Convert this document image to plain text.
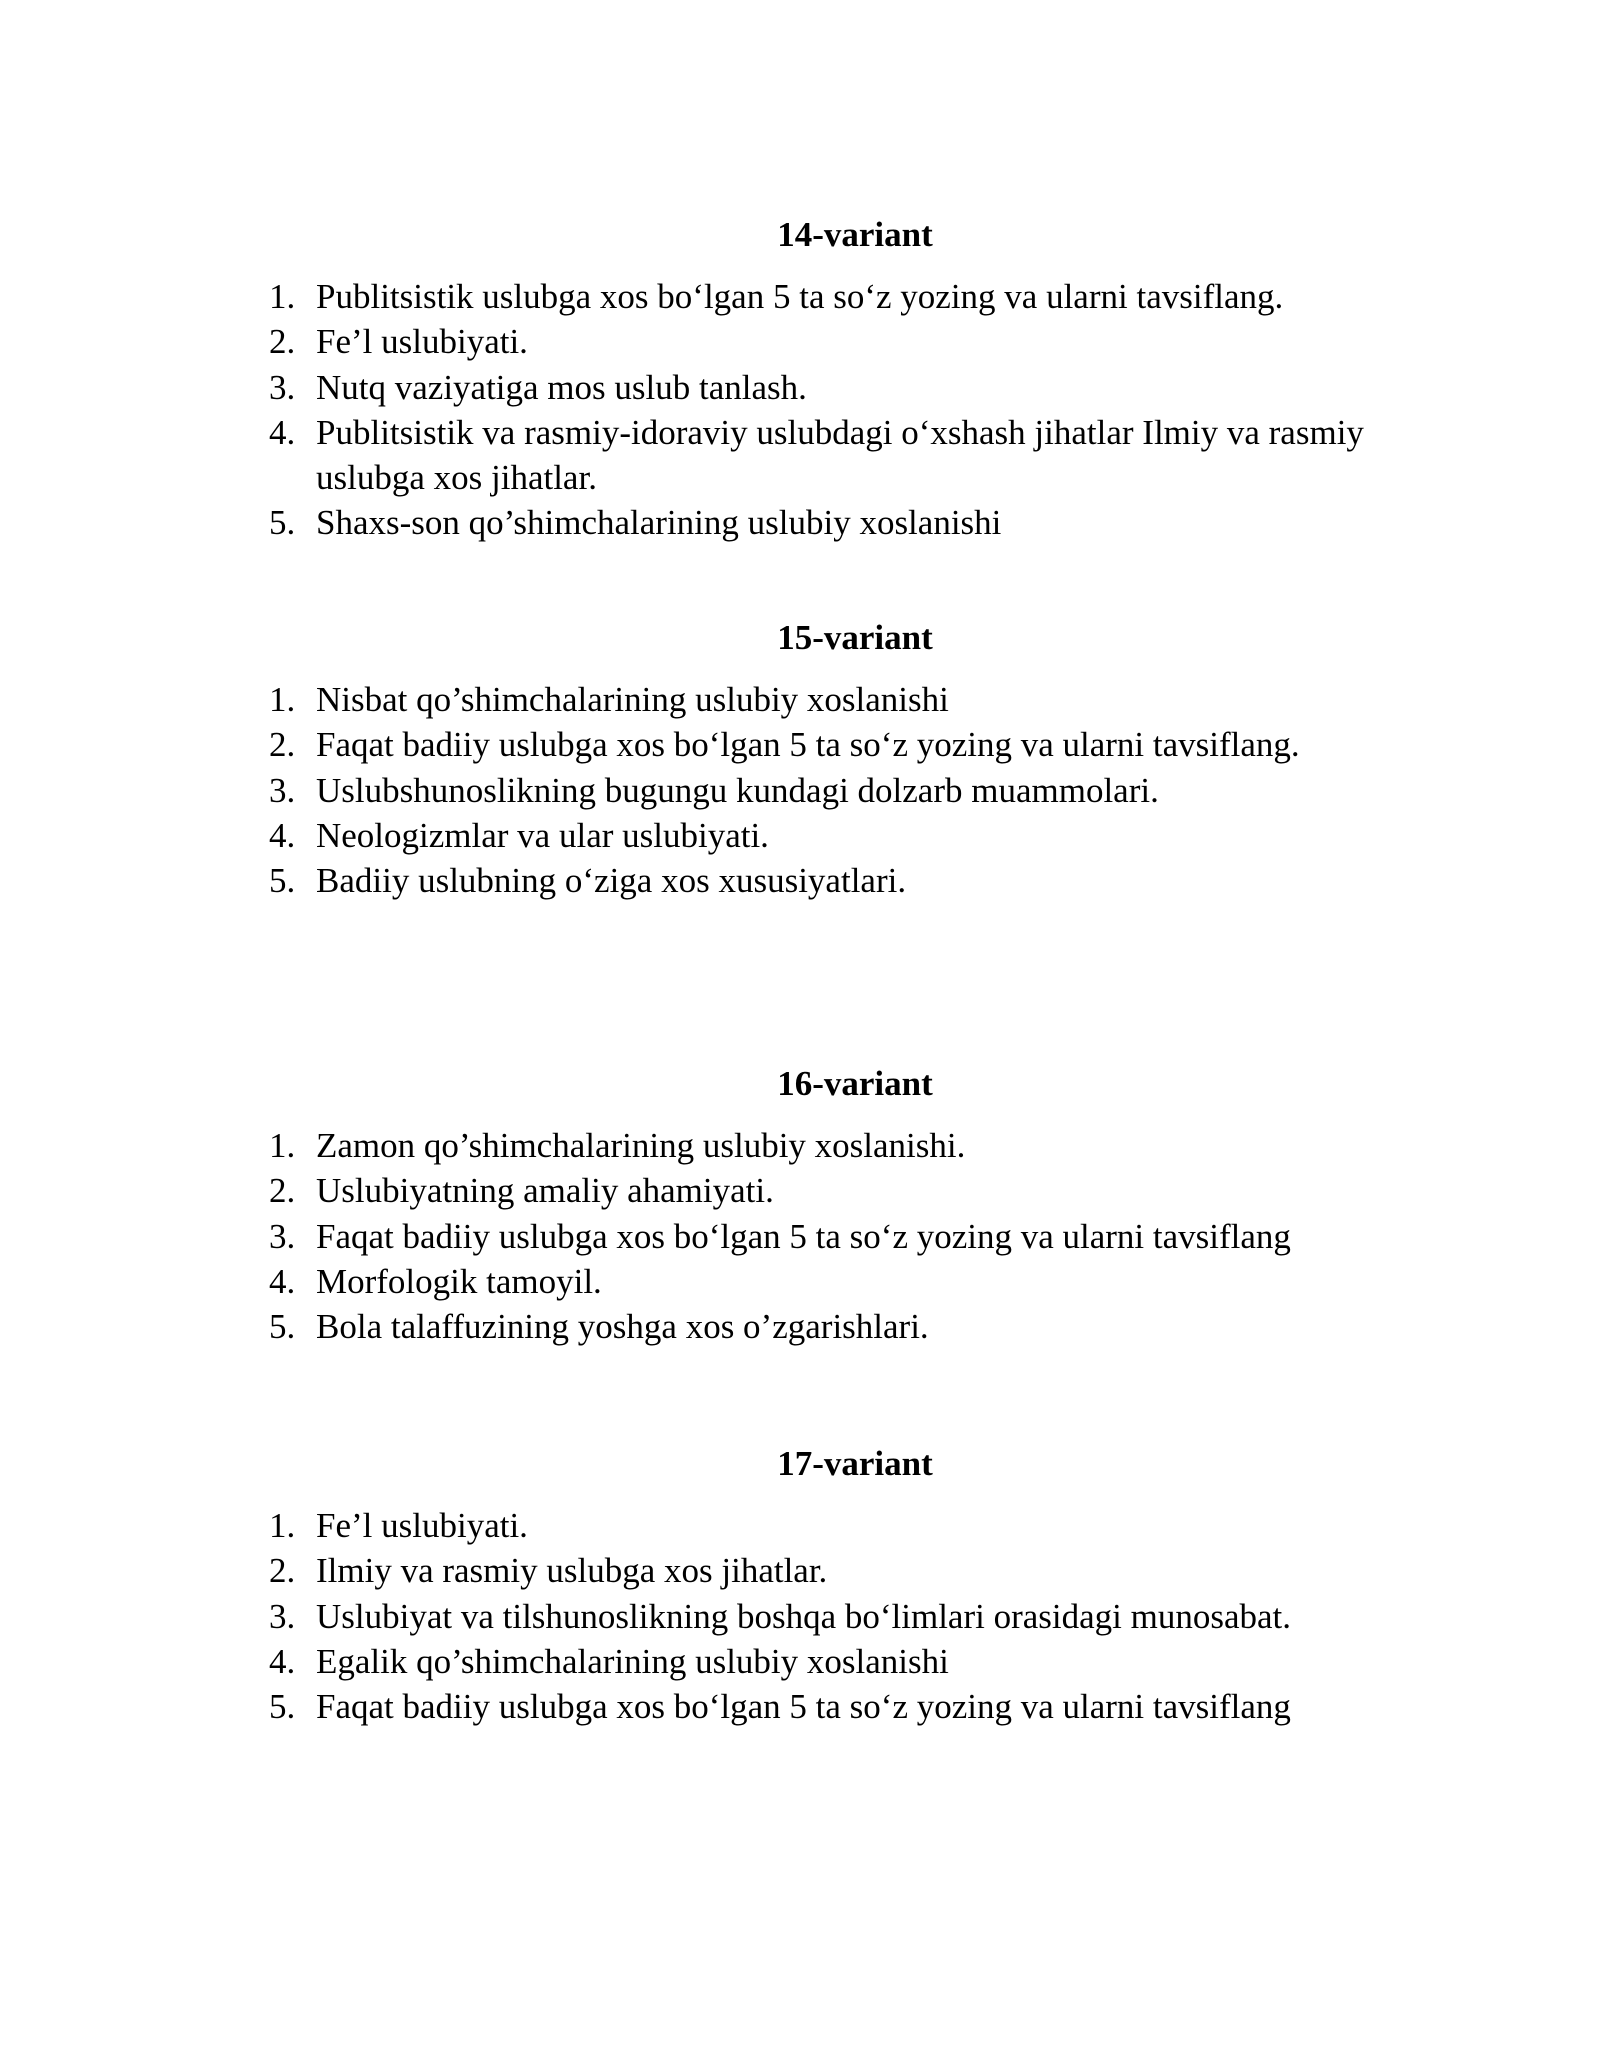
14-variant
1. Publitsistik uslubga xos bo‘lgan 5 ta so‘z yozing va ularni tavsiflang.
2. Fe’l uslubiyati.
3. Nutq vaziyatiga mos uslub tanlash.
4. Publitsistik va rasmiy-idoraviy uslubdagi o‘xshash jihatlar Ilmiy va rasmiy uslubga xos jihatlar.
5. Shaxs-son qo’shimchalarining uslubiy xoslanishi
15-variant
1. Nisbat qo’shimchalarining uslubiy xoslanishi
2. Faqat badiiy uslubga xos bo‘lgan 5 ta so‘z yozing va ularni tavsiflang.
3. Uslubshunoslikning bugungu kundagi dolzarb muammolari.
4. Neologizmlar va ular uslubiyati.
5. Badiiy uslubning o‘ziga xos xususiyatlari.
16-variant
1. Zamon qo’shimchalarining uslubiy xoslanishi.
2. Uslubiyatning amaliy ahamiyati.
3. Faqat badiiy uslubga xos bo‘lgan 5 ta so‘z yozing va ularni tavsiflang
4. Morfologik tamoyil.
5. Bola talaffuzining yoshga xos o’zgarishlari.
17-variant
1. Fe’l uslubiyati.
2. Ilmiy va rasmiy uslubga xos jihatlar.
3. Uslubiyat va tilshunoslikning boshqa bo‘limlari orasidagi munosabat.
4. Egalik qo’shimchalarining uslubiy xoslanishi
5. Faqat badiiy uslubga xos bo‘lgan 5 ta so‘z yozing va ularni tavsiflang
